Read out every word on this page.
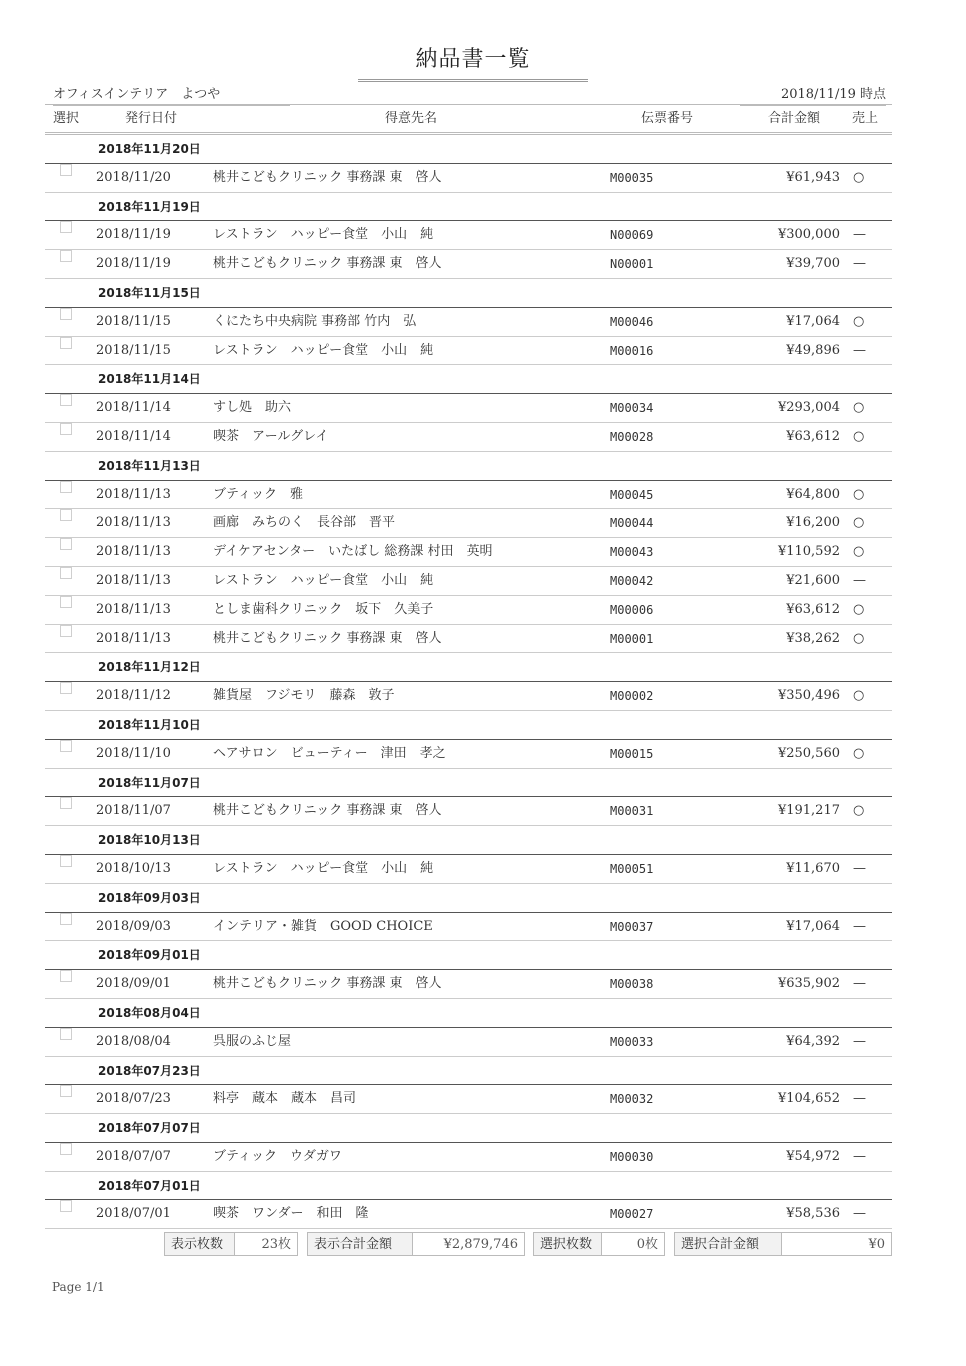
納品書一覧
オフィスインテリア　よつや	2018/11/19 時点
選択	発行日付	得意先名	伝票番号	合計金額 売上
2018年11月20日
2018/11/20	桃井こどもクリニック 事務課 東　啓人	M00035	¥61,943 ○
2018年11月19日
2018/11/19	レストラン　ハッピー食堂　小山　純	N00069	¥300,000 —
2018/11/19	桃井こどもクリニック 事務課 東　啓人	N00001	¥39,700 —
2018年11月15日
2018/11/15	くにたち中央病院 事務部 竹内　弘	M00046	¥17,064 ○
2018/11/15	レストラン　ハッピー食堂　小山　純	M00016	¥49,896 —
2018年11月14日
2018/11/14	すし処　助六	M00034	¥293,004 ○
2018/11/14	喫茶　アールグレイ	M00028	¥63,612 ○
2018年11月13日
2018/11/13	ブティック　雅	M00045	¥64,800 ○
2018/11/13	画廊　みちのく　長谷部　晋平	M00044	¥16,200 ○
2018/11/13	デイケアセンター　いたばし 総務課 村田　英明	M00043	¥110,592 ○
2018/11/13	レストラン　ハッピー食堂　小山　純	M00042	¥21,600 —
2018/11/13	としま歯科クリニック　坂下　久美子	M00006	¥63,612 ○
2018/11/13	桃井こどもクリニック 事務課 東　啓人	M00001	¥38,262 ○
2018年11月12日
2018/11/12	雑貨屋　フジモリ　藤森　敦子	M00002	¥350,496 ○
2018年11月10日
2018/11/10	ヘアサロン　ビューティー　津田　孝之	M00015	¥250,560 ○
2018年11月07日
2018/11/07	桃井こどもクリニック 事務課 東　啓人	M00031	¥191,217 ○
2018年10月13日
2018/10/13	レストラン　ハッピー食堂　小山　純	M00051	¥11,670 —
2018年09月03日
2018/09/03	インテリア・雑貨　GOOD CHOICE	M00037	¥17,064 —
2018年09月01日
2018/09/01	桃井こどもクリニック 事務課 東　啓人	M00038	¥635,902 —
2018年08月04日
2018/08/04	呉服のふじ屋	M00033	¥64,392 —
2018年07月23日
2018/07/23	料亭　蔵本　蔵本　昌司	M00032	¥104,652 —
2018年07月07日
2018/07/07	ブティック　ウダガワ	M00030	¥54,972 —
2018年07月01日
2018/07/01	喫茶　ワンダー　和田　隆	M00027	¥58,536 —
表示枚数	23枚	表示合計金額	¥2,879,746	選択枚数	0枚	選択合計金額	¥0
Page 1/1
